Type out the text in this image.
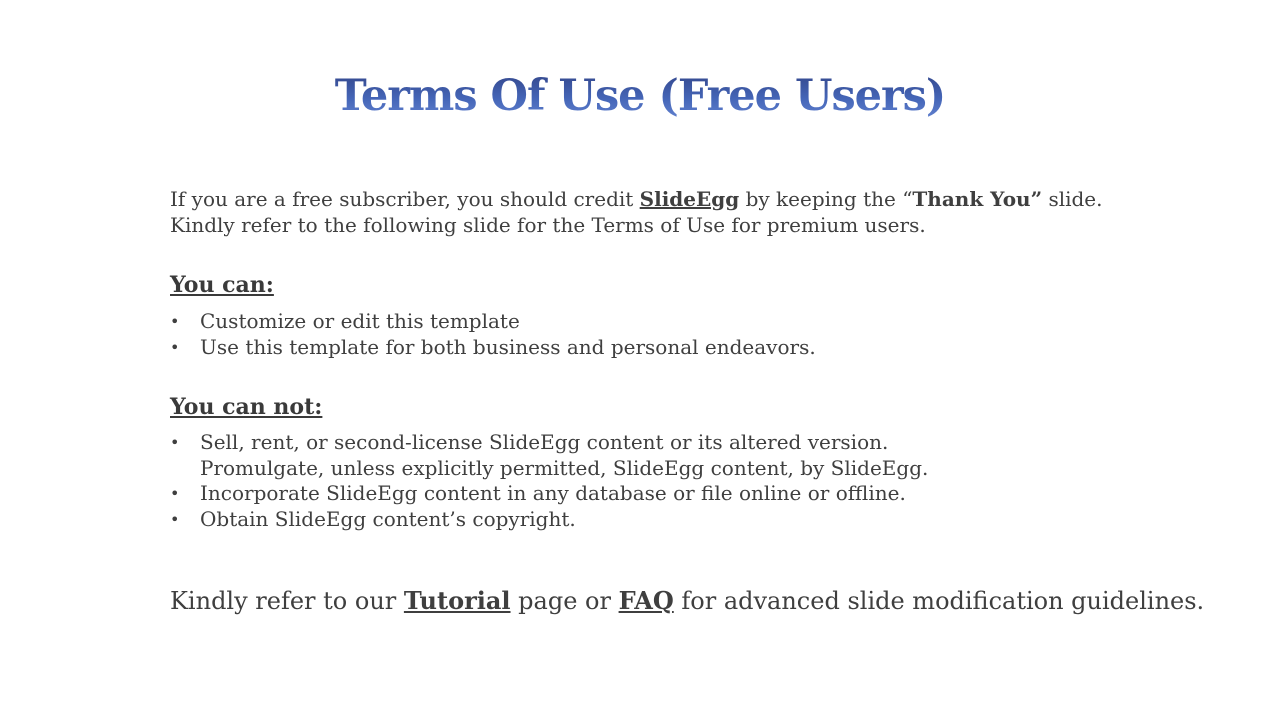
Terms Of Use (Free Users)

If you are a free subscriber, you should credit SlideEgg by keeping the “Thank You” slide.

Kindly refer to the following slide for the Terms of Use for premium users.

You can:
• Customize or edit this template
• Use this template for both business and personal endeavors.
You can not:
• Sell, rent, or second-license SlideEgg content or its altered version.
Promulgate, unless explicitly permitted, SlideEgg content, by SlideEgg.
• Incorporate SlideEgg content in any database or file online or offline.
• Obtain SlideEgg content’s copyright.

Kindly refer to our Tutorial page or FAQ for advanced slide modification guidelines.
